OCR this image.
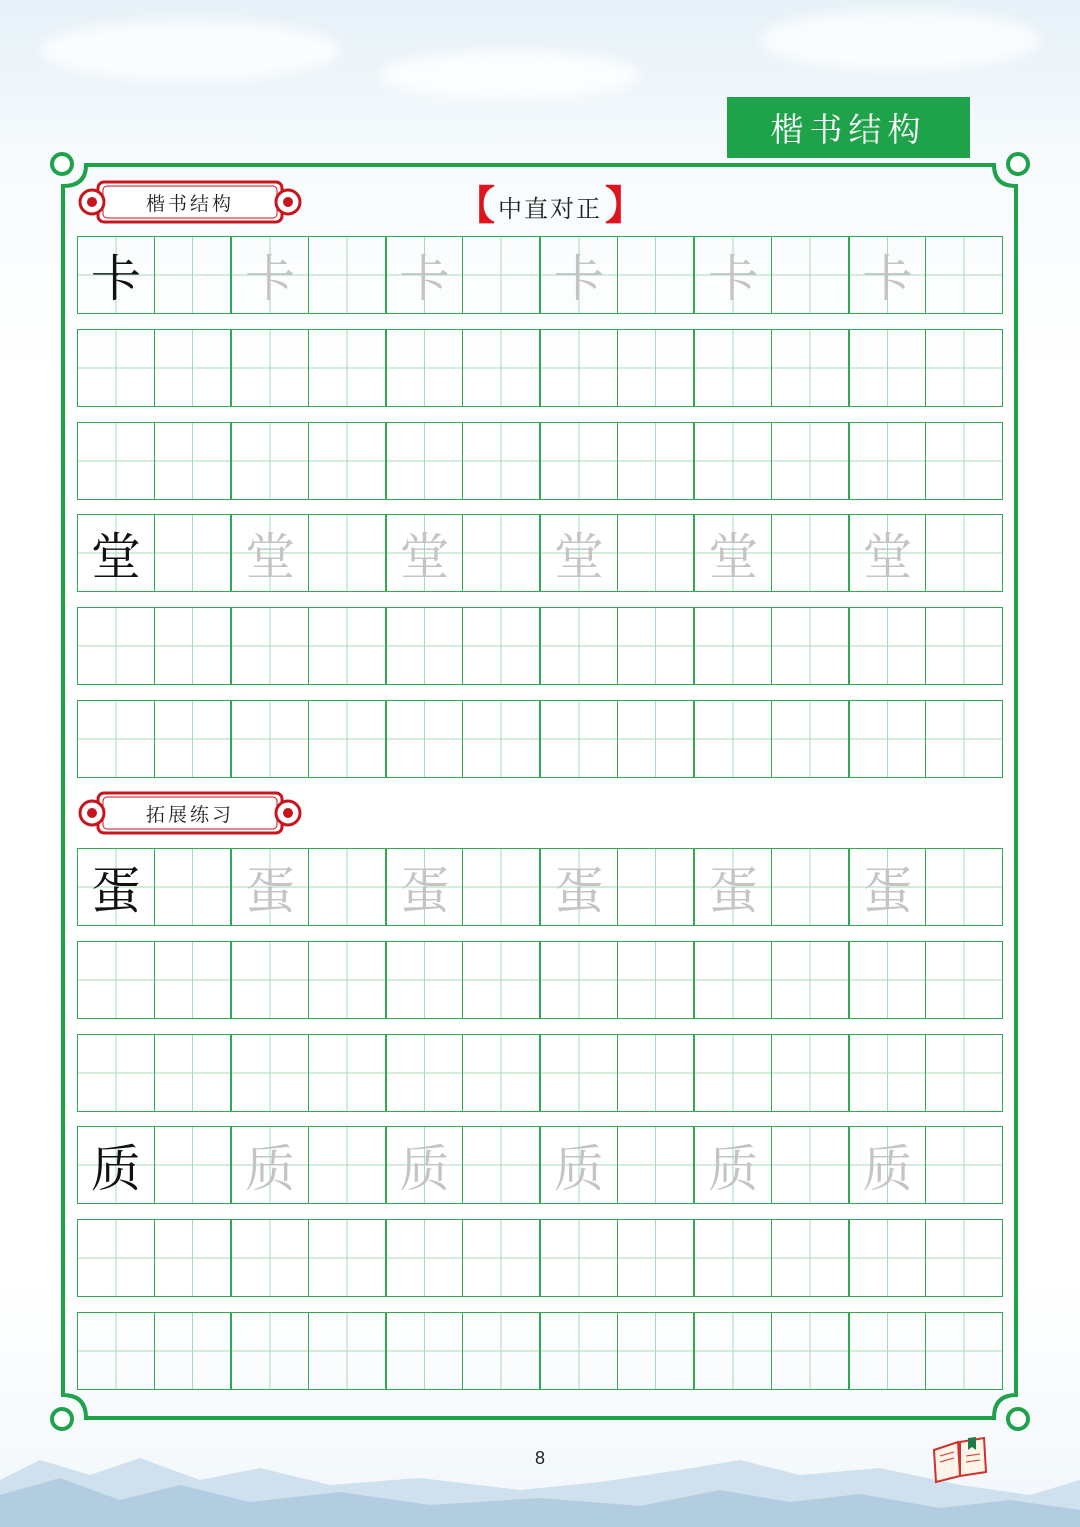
楷书结构
楷书结构	【 中直对正 】
拓展练习
卡 卡 卡 卡 卡 卡
堂 堂 堂 堂 堂 堂
蛋 蛋 蛋 蛋 蛋 蛋
质 质 质 质 质 质
8
